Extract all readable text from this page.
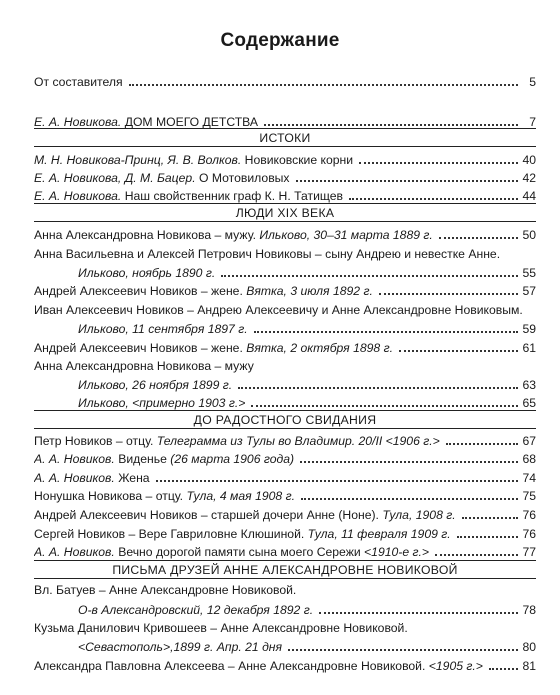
Содержание
От составителя	5
Е. А. Новикова. ДОМ МОЕГО ДЕТСТВА	7
ИСТОКИ
М. Н. Новикова-Принц, Я. В. Волков. Новиковские корни	40
Е. А. Новикова, Д. М. Бацер. О Мотовиловых	42
Е. А. Новикова. Наш свойственник граф К. Н. Татищев	44
ЛЮДИ XIX ВЕКА
Анна Александровна Новикова – мужу. Ильково, 30–31 марта 1889 г.	50
Анна Васильевна и Алексей Петрович Новиковы – сыну Андрею и невестке Анне.
Ильково, ноябрь 1890 г.	55
Андрей Алексеевич Новиков – жене. Вятка, 3 июля 1892 г.	57
Иван Алексеевич Новиков – Андрею Алексеевичу и Анне Александровне Новиковым.
Ильково, 11 сентября 1897 г.	59
Андрей Алексеевич Новиков – жене. Вятка, 2 октября 1898 г.	61
Анна Александровна Новикова – мужу
Ильково, 26 ноября 1899 г.	63
Ильково, <примерно 1903 г.>	65
ДО РАДОСТНОГО СВИДАНИЯ
Петр Новиков – отцу. Телеграмма из Тулы во Владимир. 20/II <1906 г.>	67
А. А. Новиков. Виденье (26 марта 1906 года)	68
А. А. Новиков. Жена	74
Нонушка Новикова – отцу. Тула, 4 мая 1908 г.	75
Андрей Алексеевич Новиков – старшей дочери Анне (Ноне). Тула, 1908 г.	76
Сергей Новиков – Вере Гавриловне Клюшиной. Тула, 11 февраля 1909 г.	76
А. А. Новиков. Вечно дорогой памяти сына моего Сережи <1910-е г.>	77
ПИСЬМА ДРУЗЕЙ АННЕ АЛЕКСАНДРОВНЕ НОВИКОВОЙ
Вл. Батуев – Анне Александровне Новиковой.
О-в Александровский, 12 декабря 1892 г.	78
Кузьма Данилович Кривошеев – Анне Александровне Новиковой.
<Севастополь>,1899 г. Апр. 21 дня	80
Александра Павловна Алексеева – Анне Александровне Новиковой. <1905 г.>	81
